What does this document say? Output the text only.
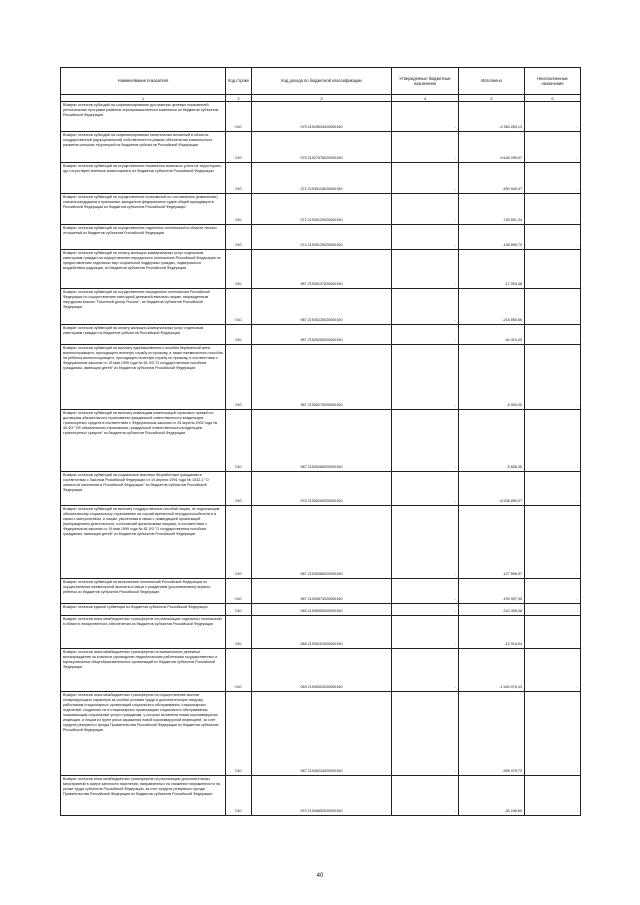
Наименование показателя	Код строки	Код дохода по бюджетной классификации	Утвержденные бюджетные назначения	Исполнено	Неисполненные назначения
1	2	3	4	5	6
Возврат остатков субсидий на софинансирование достижения целевых показателей региональных программ развития агропромышленного комплекса из бюджетов субъектов Российской Федерации	010	075 21925543020000150	-	-2 364 283,13	-
Возврат остатков субсидий на софинансирование капитальных вложений в объекты государственной (муниципальной) собственности в рамках обеспечения комплексного развития сельских территорий из бюджетов субъектов Российской Федерации	010	075 21927576020000150	-	-9 646 099,07	-
Возврат остатков субвенций на осуществление первичного воинского учета на территориях, где отсутствуют военные комиссариаты из бюджетов субъектов Российской Федерации	010	072 21935118020000150	-	-500 940,47	-
Возврат остатков субвенций на осуществление полномочий по составлению (изменению) списков кандидатов в присяжные заседатели федеральных судов общей юрисдикции в Российской Федерации из бюджетов субъектов Российской Федерации	010	072 21935120020000150	-	-740 591,34	-
Возврат остатков субвенций на осуществление отдельных полномочий в области лесных отношений из бюджетов субъектов Российской Федерации	010	074 21935129020000150	-	-108 595,70	-
Возврат остатков субвенций на оплату жилищно-коммунальных услуг отдельным категориям граждан на осуществление переданного полномочия Российской Федерации по предоставлению отдельных мер социальной поддержки граждан, подвергшихся воздействию радиации, из бюджетов субъектов Российской Федерации	010	987 21935137020000150	-	-17 093,38	-
Возврат остатков субвенций на осуществление переданного полномочия Российской Федерации по осуществлению ежегодной денежной выплаты лицам, награжденным нагрудным знаком "Почетный донор России", из бюджетов субъектов Российской Федерации	010	987 21935220020000150	-	-218 850,66	-
Возврат остатков субвенций на оплату жилищно-коммунальных услуг отдельным категориям граждан из бюджетов субъектов Российской Федерации	010	987 21935250020000150	-	-54 410,45	-
Возврат остатков субвенций на выплату единовременного пособия беременной жене военнослужащего, проходящего военную службу по призыву, а также ежемесячного пособия на ребенка военнослужащего, проходящего военную службу по призыву, в соответствии с Федеральным законом от 19 мая 1995 года № 81-ФЗ "О государственных пособиях гражданам, имеющим детей" из бюджетов субъектов Российской Федерации	010	987 21935270020000150	-	-6 000,00	-
Возврат остатков субвенций на выплату инвалидам компенсаций страховых премий по договорам обязательного страхования гражданской ответственности владельцев транспортных средств в соответствии с Федеральным законом от 25 апреля 2002 года № 40-ФЗ "Об обязательном страховании гражданской ответственности владельцев транспортных средств" из бюджетов субъектов Российской Федерации	010	987 21935280020000150	-	-5 608,35	-
Возврат остатков субвенций на социальные выплаты безработным гражданам в соответствии с Законом Российской Федерации от 19 апреля 1991 года № 1032-1 "О занятости населения в Российской Федерации" из бюджетов субъектов Российской Федерации	010	970 21935290020000150	-	-6 536 890,07	-
Возврат остатков субвенций на выплату государственных пособий лицам, не подлежащим обязательному социальному страхованию на случай временной нетрудоспособности и в связи с материнством, и лицам, уволенным в связи с ликвидацией организаций (прекращением деятельности, полномочий физическими лицами), в соответствии с Федеральным законом от 19 мая 1995 года № 81-ФЗ "О государственных пособиях гражданам, имеющим детей" из бюджетов субъектов Российской Федерации	010	987 21935380020000150	-	-127 596,97	-
Возврат остатков субвенций на выполнение полномочий Российской Федерации по осуществлению ежемесячной выплаты в связи с рождением (усыновлением) первого ребенка из бюджетов субъектов Российской Федерации	010	987 21935573020000150	-	-193 997,30	-
Возврат остатков единой субвенции из бюджетов субъектов Российской Федерации	010	085 21935900020000150	-	-242 459,48	-
Возврат остатков иных межбюджетных трансфертов на реализацию отдельных полномочий в области лекарственного обеспечения из бюджетов субъектов Российской Федерации	010	085 21945161020000150	-	-12 918,94	-
Возврат остатков иных межбюджетных трансфертов на ежемесячное денежное вознаграждение за классное руководство педагогическим работникам государственных и муниципальных общеобразовательных организаций из бюджетов субъектов Российской Федерации	010	069 21945303020000150	-	-1 640 076,43	-
Возврат остатков иных межбюджетных трансфертов на осуществление выплат стимулирующего характера за особые условия труда и дополнительную нагрузку работникам стационарных организаций социального обслуживания, стационарных отделений, созданных не в стационарных организациях социального обслуживания, оказывающим социальные услуги гражданам, у которых выявлена новая коронавирусная инфекция, и лицам из групп риска заражения новой коронавирусной инфекцией, за счет средств резервного фонда Правительства Российской Федерации из бюджетов субъектов Российской Федерации	010	987 21945243020000150	-	-555 975,72	-
Возврат остатков иных межбюджетных трансфертов на реализацию дополнительных мероприятий в сфере занятости населения, направленных на снижение напряженности на рынке труда субъектов Российской Федерации, за счет средств резервного фонда Правительства Российской Федерации из бюджетов субъектов Российской Федерации	010	970 21945852020000150	-	-30 246,60	-
40
